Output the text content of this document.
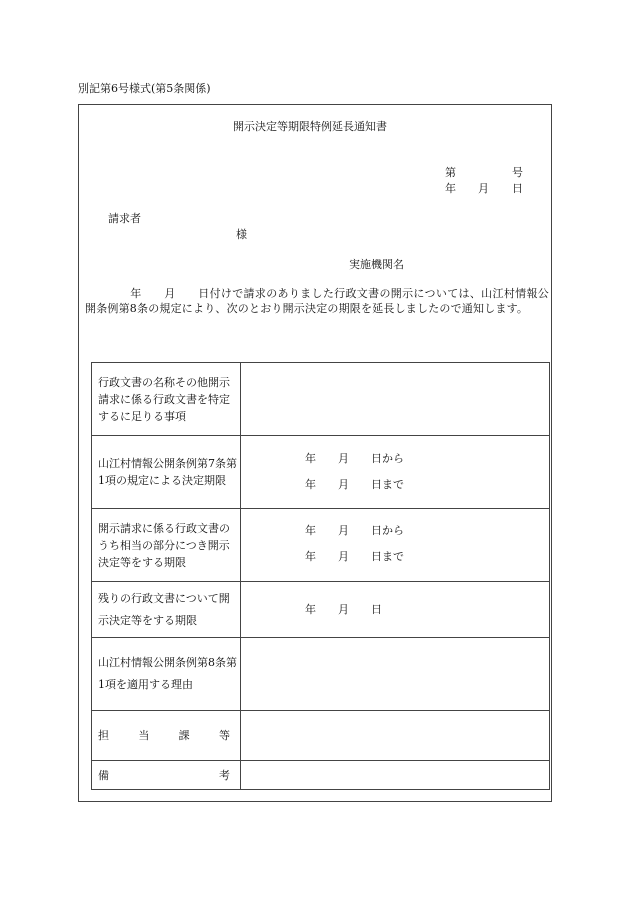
別記第6号様式(第5条関係)
開示決定等期限特例延長通知書
第	号
年 月 日
請求者
様
実施機関名
　　　　年　　月　　日付けで請求のありました行政文書の開示については、山江村情報公開条例第8条の規定により、次のとおり開示決定の期限を延長しましたので通知します。
行政文書の名称その他開示請求に係る行政文書を特定するに足りる事項	
山江村情報公開条例第7条第1項の規定による決定期限	年　　月　　日から
年　　月　　日まで

開示請求に係る行政文書のうち相当の部分につき開示決定等をする期限	年　　月　　日から
年　　月　　日まで

残りの行政文書について開示決定等をする期限	年　　月　　日

山江村情報公開条例第8条第1項を適用する理由	

担 当 課 等	

備 考	
